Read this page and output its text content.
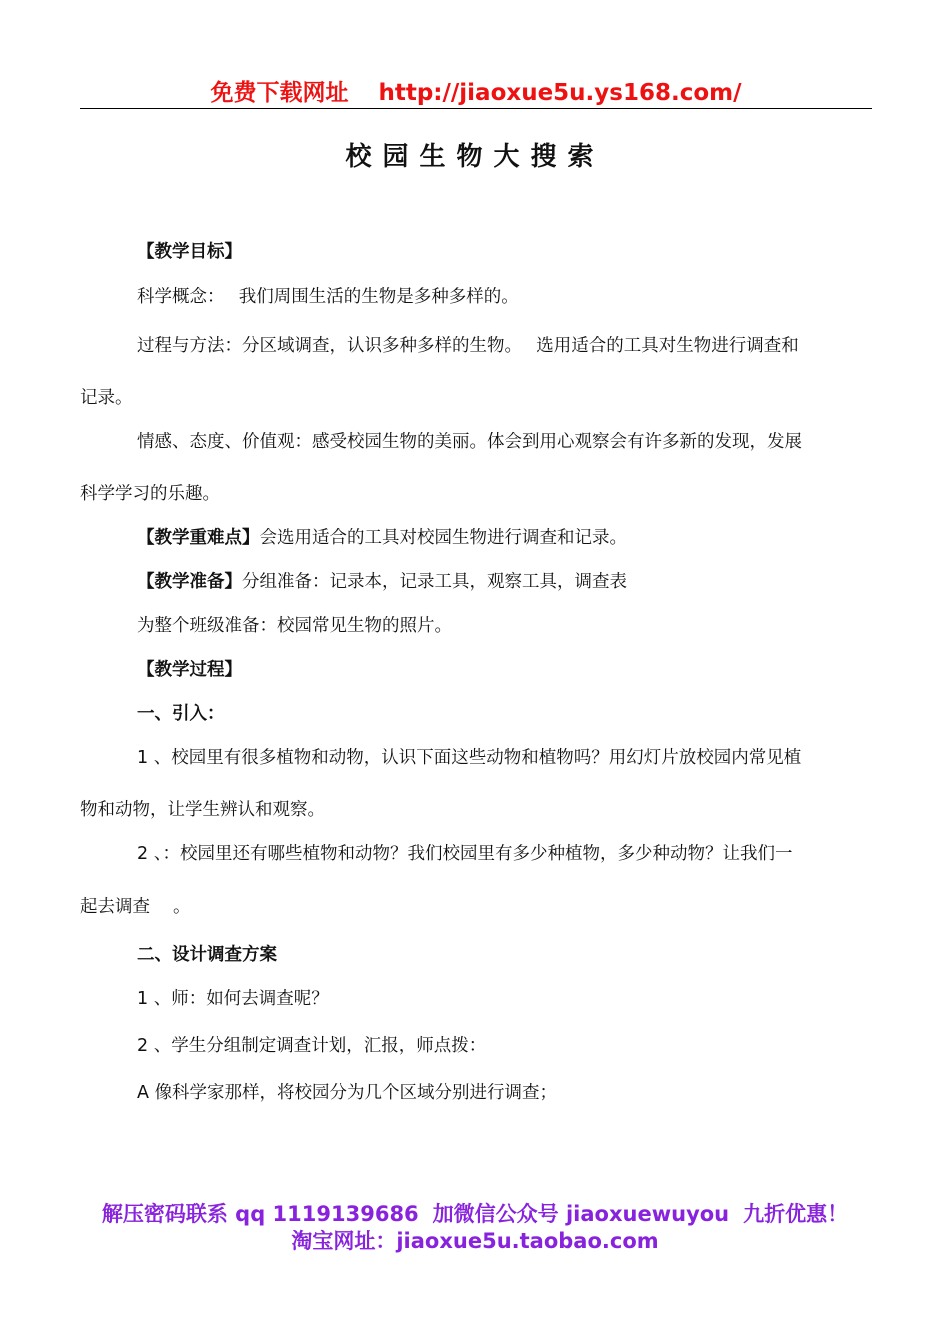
免费下载网址 http://jiaoxue5u.ys168.com/
校园生物大搜索
【教学目标】
科学概念：　 我们周围生活的生物是多种多样的。
过程与方法：分区域调查，认识多种多样的生物。　 选用适合的工具对生物进行调查和
记录。
情感、态度、价值观：感受校园生物的美丽。体会到用心观察会有许多新的发现，发展
科学学习的乐趣。
【教学重难点】会选用适合的工具对校园生物进行调查和记录。
【教学准备】分组准备：记录本，记录工具，观察工具，调查表
为整个班级准备：校园常见生物的照片。
【教学过程】
一、引入：
1 、校园里有很多植物和动物，认识下面这些动物和植物吗？用幻灯片放校园内常见植
物和动物，让学生辨认和观察。
2 、：校园里还有哪些植物和动物？我们校园里有多少种植物，多少种动物？让我们一
起去调查　 。
二、设计调查方案
1 、师：如何去调查呢？
2 、学生分组制定调查计划，汇报，师点拨：
A 像科学家那样，将校园分为几个区域分别进行调查；
解压密码联系 qq 1119139686 加微信公众号 jiaoxuewuyou 九折优惠！
淘宝网址：jiaoxue5u.taobao.com
